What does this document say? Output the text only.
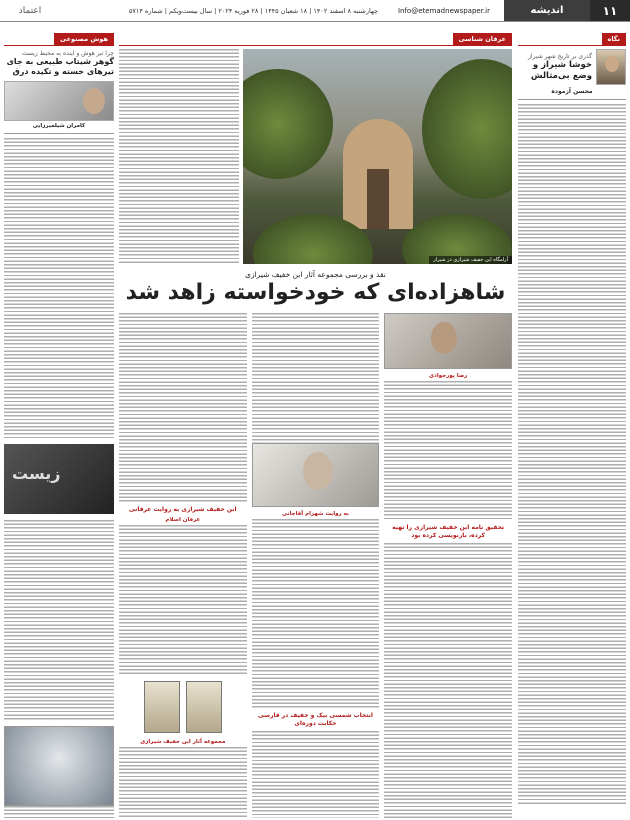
۱۱
اندیشه
Info@etemadnewspaper.ir
چهارشنبه ۸ اسفند ۱۴۰۲ | ۱۸ شعبان ۱۴۴۵ | ۲۸ فوریه ۲۰۲۴ | سال بیست‌ویکم | شماره ۵۷۱۴
اعتماد
نگاه
گذری بر تاریخ شهر شیراز
خوشا شیراز و وضع بی‌مثالش
محسن آزموده
عرفان شناسی
آرامگاه ابن خفیف شیرازی در شیراز
نقد و بررسی مجموعه آثار ابن خفیف شیرازی
شاهزاده‌ای که خودخواسته زاهد شد
رضا پورجوادی
تحقیق نامه ابن خفیف شیرازی را تهیه کرده، بازنویسی کرده بود
به روایت شهرام آقاجانی
انتخاب شمسی نیک و خفیف در فارسی حکایت دوره‌ای
ابن خفیف شیرازی به روایت عرفانی
عرفان اسلام
مجموعه آثار ابن خفیف شیرازی
هوش مصنوعی
چرا تبر هوش و اینده به محیط زیست
گوهر شیتاب طبیعی به جای تیرهای خسته و تکیده درق
کامران شیلمیرزایی
زیست
